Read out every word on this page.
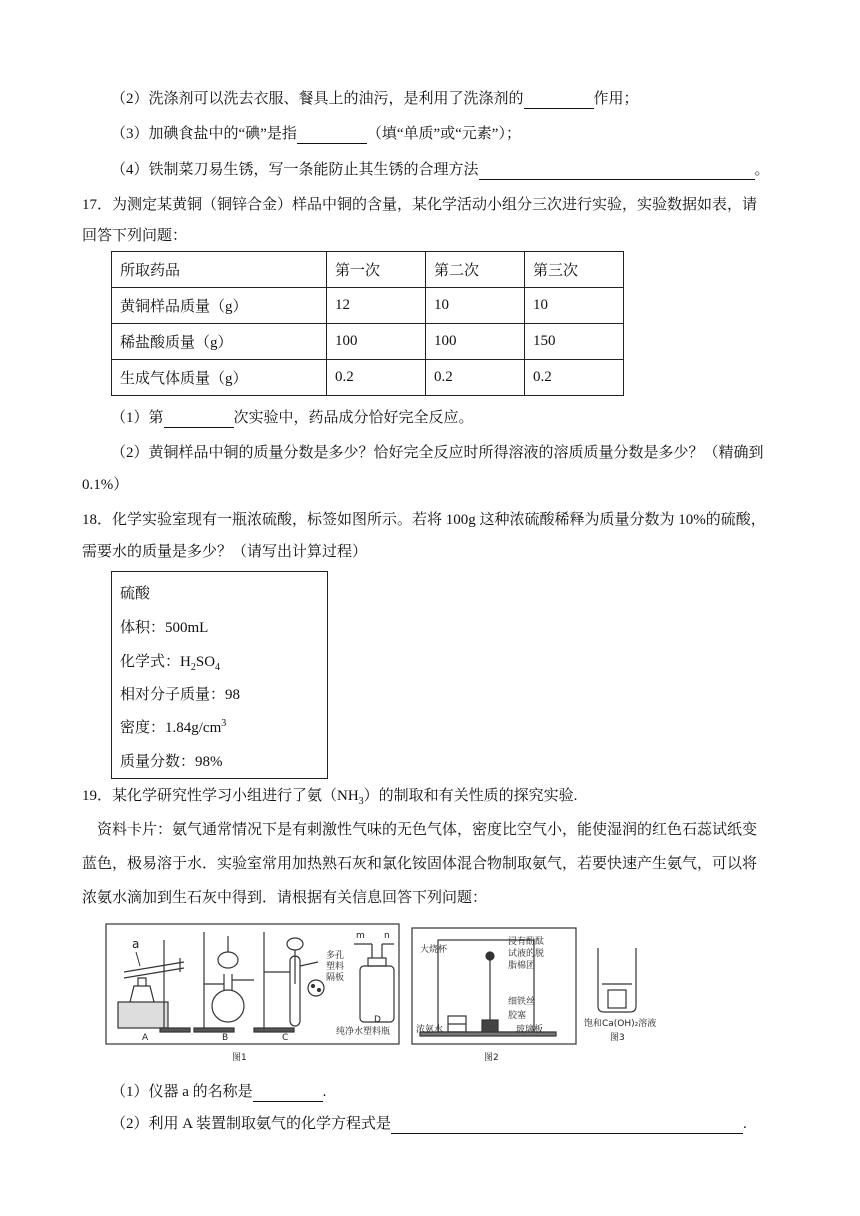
（2）洗涤剂可以洗去衣服、餐具上的油污，是利用了洗涤剂的	作用；
（3）加碘食盐中的“碘”是指	（填“单质”或“元素”）；
（4）铁制菜刀易生锈，写一条能防止其生锈的合理方法	。
17．为测定某黄铜（铜锌合金）样品中铜的含量，某化学活动小组分三次进行实验，实验数据如表，请
回答下列问题：
所取药品	第一次	第二次	第三次
黄铜样品质量（g）	12	10	10
稀盐酸质量（g）	100	100	150
生成气体质量（g）	0.2	0.2	0.2
（1）第	次实验中，药品成分恰好完全反应。
（2）黄铜样品中铜的质量分数是多少？恰好完全反应时所得溶液的溶质质量分数是多少？（精确到
0.1%）
18．化学实验室现有一瓶浓硫酸，标签如图所示。若将 100g 这种浓硫酸稀释为质量分数为 10%的硫酸，
需要水的质量是多少？（请写出计算过程）
硫酸
体积：500mL
化学式：$H_2SO_4$
相对分子质量：98
密度：$1.84g/cm^3$
质量分数：98%
19．某化学研究性学习小组进行了氨$(NH_3)$的制取和有关性质的探究实验.
资料卡片：氨气通常情况下是有刺激性气味的无色气体，密度比空气小，能使湿润的红色石蕊试纸变
蓝色，极易溶于水．实验室常用加热熟石灰和氯化铵固体混合物制取氨气，若要快速产生氨气，可以将
浓氨水滴加到生石灰中得到．请根据有关信息回答下列问题：
a
多孔
塑料
隔板
m n
纯净水塑料瓶
A	B	C
D
图1
大烧杯
浸有酚酞
试液的脱
脂棉团
细铁丝
胶塞
玻璃板
浓氨水
图2
饱和Ca(OH)₂溶液
图3
（1）仪器 a 的名称是	.
（2）利用 A 装置制取氨气的化学方程式是	.
